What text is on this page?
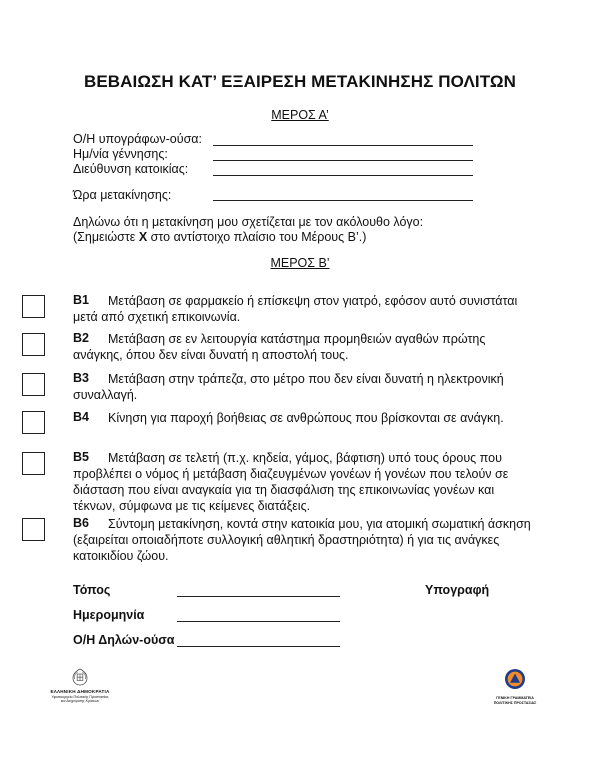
ΒΕΒΑΙΩΣΗ ΚΑΤ’ ΕΞΑΙΡΕΣΗ ΜΕΤΑΚΙΝΗΣΗΣ ΠΟΛΙΤΩΝ
ΜΕΡΟΣ Α’
Ο/Η υπογράφων-ούσα:
Ημ/νία γέννησης:
Διεύθυνση κατοικίας:
Ώρα μετακίνησης:
Δηλώνω ότι η μετακίνηση μου σχετίζεται με τον ακόλουθο λόγο:
(Σημειώστε X στο αντίστοιχο πλαίσιο του Μέρους Β’.)
ΜΕΡΟΣ Β’
Β1	Μετάβαση σε φαρμακείο ή επίσκεψη στον γιατρό, εφόσον αυτό συνιστάται μετά από σχετική επικοινωνία.
Β2	Μετάβαση σε εν λειτουργία κατάστημα προμηθειών αγαθών πρώτης ανάγκης, όπου δεν είναι δυνατή η αποστολή τους.
Β3	Μετάβαση στην τράπεζα, στο μέτρο που δεν είναι δυνατή η ηλεκτρονική συναλλαγή.
Β4	Κίνηση για παροχή βοήθειας σε ανθρώπους που βρίσκονται σε ανάγκη.
Β5	Μετάβαση σε τελετή (π.χ. κηδεία, γάμος, βάφτιση) υπό τους όρους που προβλέπει ο νόμος ή μετάβαση διαζευγμένων γονέων ή γονέων που τελούν σε διάσταση που είναι αναγκαία για τη διασφάλιση της επικοινωνίας γονέων και τέκνων, σύμφωνα με τις κείμενες διατάξεις.
Β6	Σύντομη μετακίνηση, κοντά στην κατοικία μου, για ατομική σωματική άσκηση (εξαιρείται οποιαδήποτε συλλογική αθλητική δραστηριότητα) ή για τις ανάγκες κατοικιδίου ζώου.
Τόπος
Ημερομηνία
Ο/Η Δηλών-ούσα
Υπογραφή
ΕΛΛΗΝΙΚΗ ΔΗΜΟΚΡΑΤΙΑ
Υφυπουργείο Πολιτικής Προστασίας
και Διαχείρισης Κρίσεων
ΓΕΝΙΚΗ ΓΡΑΜΜΑΤΕΙΑ
ΠΟΛΙΤΙΚΗΣ ΠΡΟΣΤΑΣΙΑΣ
